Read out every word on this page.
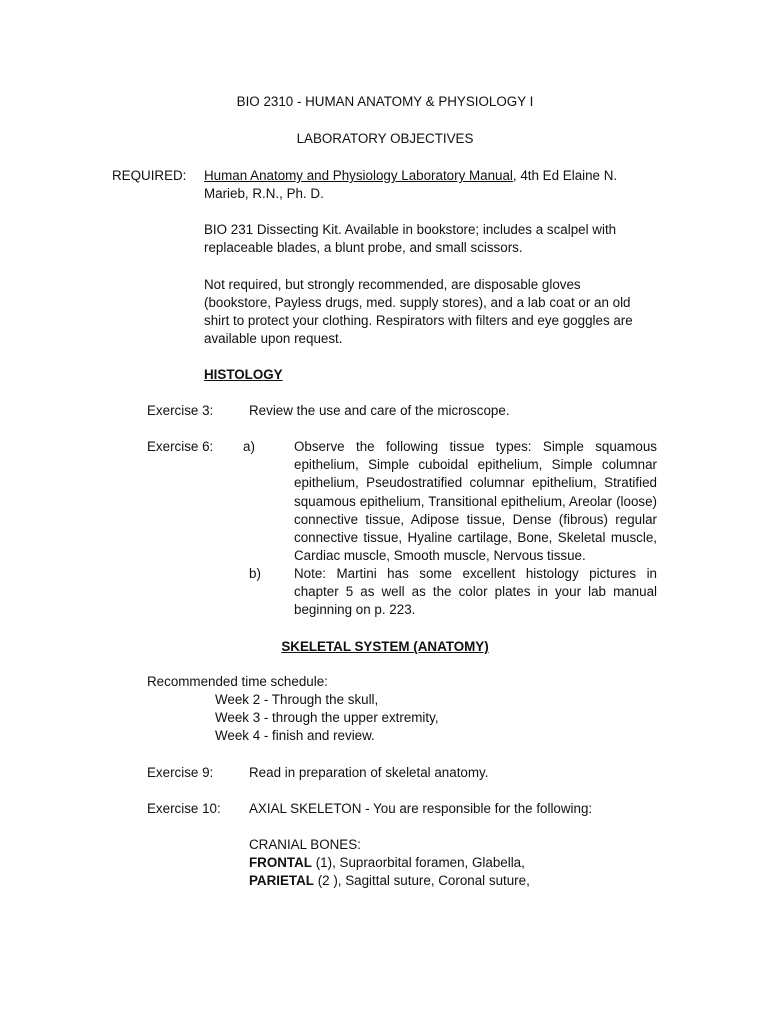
BIO 2310 - HUMAN ANATOMY & PHYSIOLOGY I
LABORATORY OBJECTIVES
REQUIRED: Human Anatomy and Physiology Laboratory Manual, 4th Ed Elaine N.
Marieb, R.N., Ph. D.
BIO 231 Dissecting Kit. Available in bookstore; includes a scalpel with
replaceable blades, a blunt probe, and small scissors.
Not required, but strongly recommended, are disposable gloves
(bookstore, Payless drugs, med. supply stores), and a lab coat or an old
shirt to protect your clothing. Respirators with filters and eye goggles are
available upon request.
HISTOLOGY
Exercise 3:	Review the use and care of the microscope.
Exercise 6: a)	Observe the following tissue types: Simple squamous epithelium, Simple cuboidal epithelium, Simple columnar epithelium, Pseudostratified columnar epithelium, Stratified squamous epithelium, Transitional epithelium, Areolar (loose) connective tissue, Adipose tissue, Dense (fibrous) regular connective tissue, Hyaline cartilage, Bone, Skeletal muscle, Cardiac muscle, Smooth muscle, Nervous tissue.
b) Note: Martini has some excellent histology pictures in chapter 5 as well as the color plates in your lab manual beginning on p. 223.
SKELETAL SYSTEM (ANATOMY)
Recommended time schedule:
Week 2 - Through the skull,
Week 3 - through the upper extremity,
Week 4 - finish and review.
Exercise 9:	Read in preparation of skeletal anatomy.
Exercise 10: AXIAL SKELETON - You are responsible for the following:
CRANIAL BONES:
FRONTAL (1), Supraorbital foramen, Glabella,
PARIETAL (2 ), Sagittal suture, Coronal suture,
